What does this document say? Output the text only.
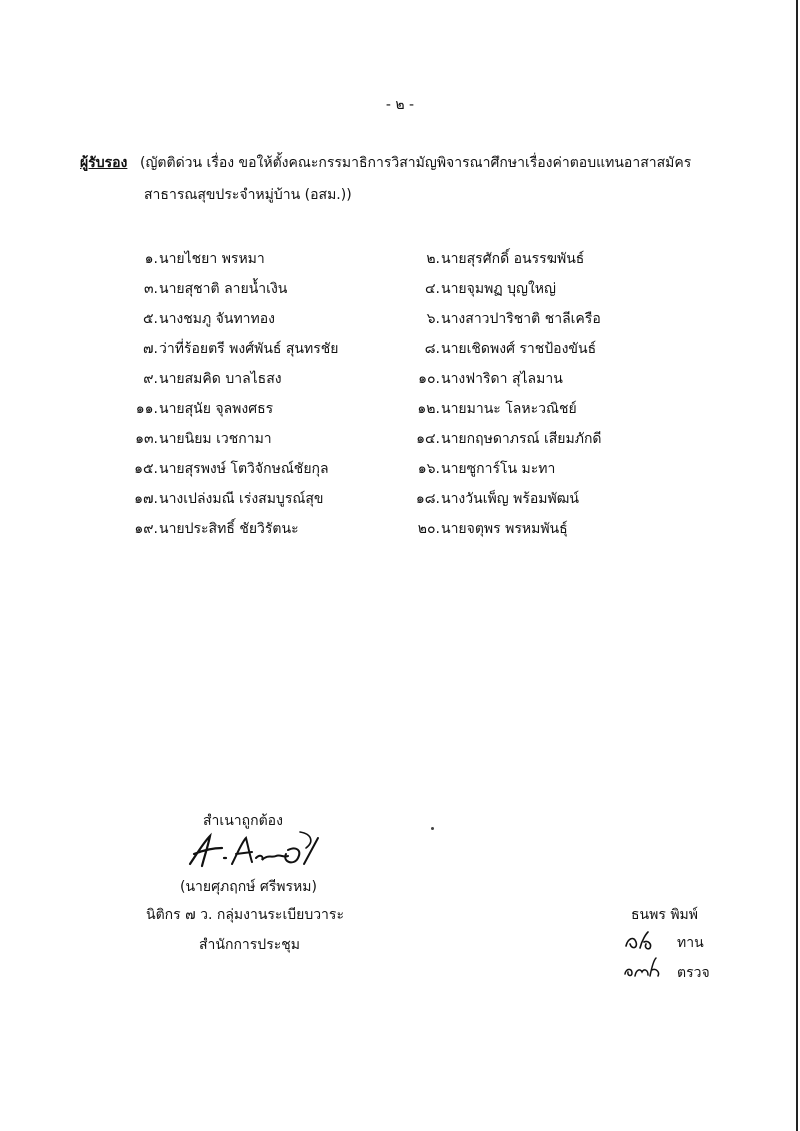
- ๒ -
ผู้รับรอง (ญัตติด่วน เรื่อง ขอให้ตั้งคณะกรรมาธิการวิสามัญพิจารณาศึกษาเรื่องค่าตอบแทนอาสาสมัคร
สาธารณสุขประจำหมู่บ้าน (อสม.))
๑.นายไชยา พรหมา
๓.นายสุชาติ ลายน้ำเงิน
๕.นางชมภู จันทาทอง
๗.ว่าที่ร้อยตรี พงศ์พันธ์ สุนทรชัย
๙.นายสมคิด บาลไธสง
๑๑.นายสุนัย จุลพงศธร
๑๓.นายนิยม เวชกามา
๑๕.นายสุรพงษ์ โตวิจักษณ์ชัยกุล
๑๗.นางเปล่งมณี เร่งสมบูรณ์สุข
๑๙.นายประสิทธิ์ ชัยวิรัตนะ
๒.นายสุรศักดิ์ อนรรฆพันธ์
๔.นายจุมพฏ บุญใหญ่
๖.นางสาวปาริชาติ ชาลีเครือ
๘.นายเชิดพงศ์ ราชป้องขันธ์
๑๐.นางฟาริดา สุไลมาน
๑๒.นายมานะ โลหะวณิชย์
๑๔.นายกฤษดาภรณ์ เสียมภักดี
๑๖.นายซูการ์โน มะทา
๑๘.นางวันเพ็ญ พร้อมพัฒน์
๒๐.นายจตุพร พรหมพันธุ์
สำเนาถูกต้อง
(นายศุภฤกษ์ ศรีพรหม)
นิติกร ๗ ว. กลุ่มงานระเบียบวาระ
สำนักการประชุม
ธนพร พิมพ์
ทาน
ตรวจ
